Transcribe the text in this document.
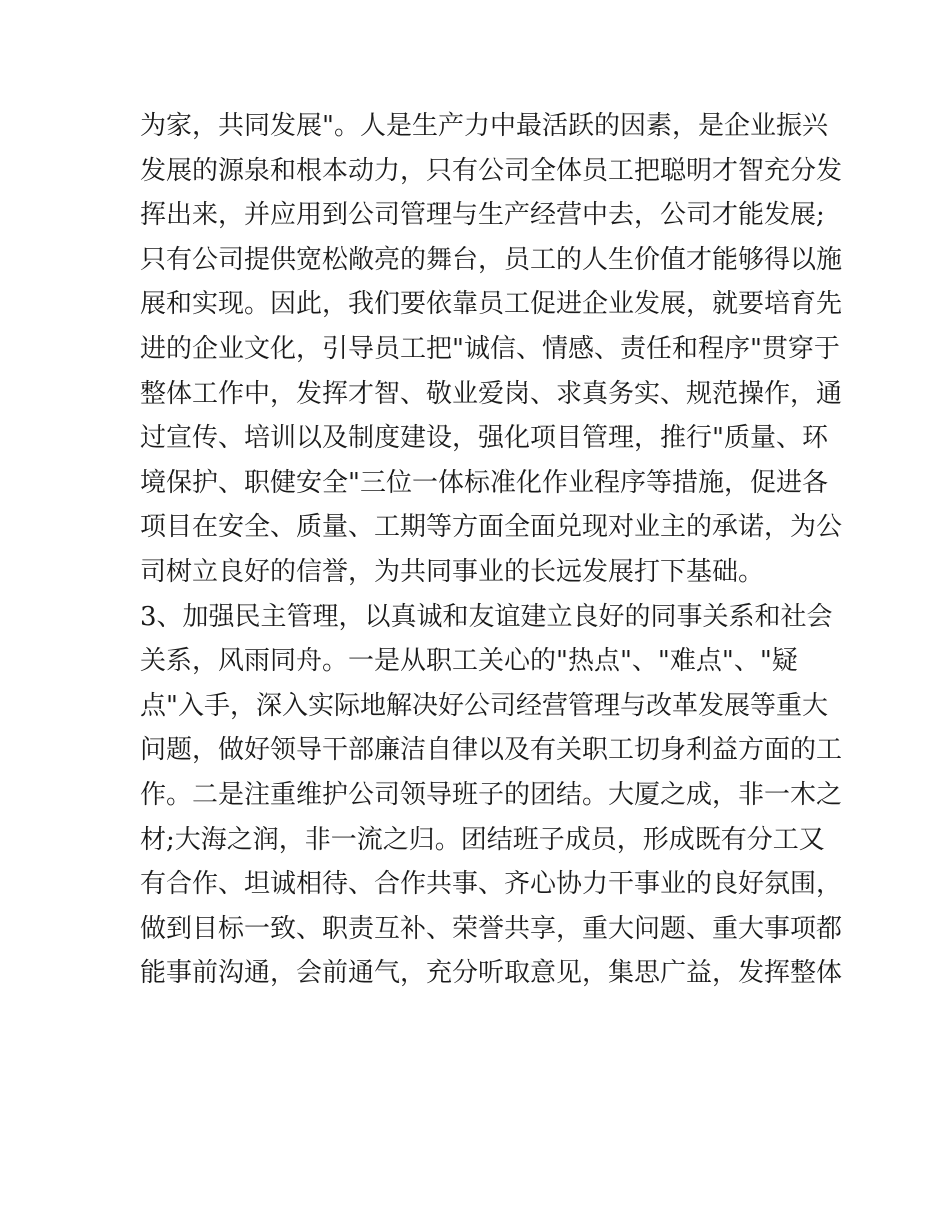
为家，共同发展"。人是生产力中最活跃的因素，是企业振兴
发展的源泉和根本动力，只有公司全体员工把聪明才智充分发
挥出来，并应用到公司管理与生产经营中去，公司才能发展;
只有公司提供宽松敞亮的舞台，员工的人生价值才能够得以施
展和实现。因此，我们要依靠员工促进企业发展，就要培育先
进的企业文化，引导员工把"诚信、情感、责任和程序"贯穿于
整体工作中，发挥才智、敬业爱岗、求真务实、规范操作，通
过宣传、培训以及制度建设，强化项目管理，推行"质量、环
境保护、职健安全"三位一体标准化作业程序等措施，促进各
项目在安全、质量、工期等方面全面兑现对业主的承诺，为公
司树立良好的信誉，为共同事业的长远发展打下基础。
3、加强民主管理，以真诚和友谊建立良好的同事关系和社会
关系，风雨同舟。一是从职工关心的"热点"、"难点"、"疑
点"入手，深入实际地解决好公司经营管理与改革发展等重大
问题，做好领导干部廉洁自律以及有关职工切身利益方面的工
作。二是注重维护公司领导班子的团结。大厦之成，非一木之
材;大海之润，非一流之归。团结班子成员，形成既有分工又
有合作、坦诚相待、合作共事、齐心协力干事业的良好氛围，
做到目标一致、职责互补、荣誉共享，重大问题、重大事项都
能事前沟通，会前通气，充分听取意见，集思广益，发挥整体
